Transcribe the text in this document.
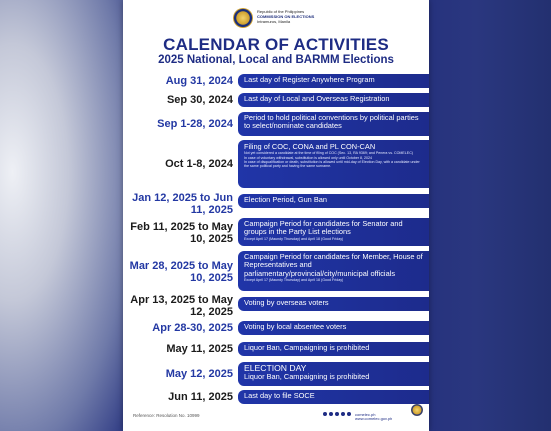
Republic of the Philippines
COMMISSION ON ELECTIONS
Intramuros, Manila
CALENDAR OF ACTIVITIES
2025 National, Local and BARMM Elections
Aug 31, 2024 Last day of Register Anywhere Program
Sep 30, 2024 Last day of Local and Overseas Registration
Sep 1-28, 2024
Period to hold political conventions by political parties to select/nominate candidates
Oct 1-8, 2024
Filing of COC, CONA and PL CON-CAN
Not yet considered a candidate at the time of filing of COC (Sec. 13, RA 9369; and Penera vs. COMELEC)
In case of voluntary withdrawal, substitution is allowed only until October 8, 2024
In case of disqualification or death, substitution is allowed until mid-day of Election Day, with a candidate under the same political party and having the same surname.
Jan 12, 2025 to Jun 11, 2025
Election Period, Gun Ban
Feb 11, 2025 to May 10, 2025
Campaign Period for candidates for Senator and groups in the Party List elections
Except April 17 (Maundy Thursday) and April 18 (Good Friday)
Mar 28, 2025 to May 10, 2025
Campaign Period for candidates for Member, House of Representatives and parliamentary/provincial/city/municipal officials
Except April 17 (Maundy Thursday) and April 18 (Good Friday)
Apr 13, 2025 to May 12, 2025
Voting by overseas voters
Apr 28-30, 2025 Voting by local absentee voters
May 11, 2025 Liquor Ban, Campaigning is prohibited
May 12, 2025 ELECTION DAY
Liquor Ban, Campaigning is prohibited
Jun 11, 2025 Last day to file SOCE
Reference: Resolution No. 10999	comelec.ph
www.comelec.gov.ph
